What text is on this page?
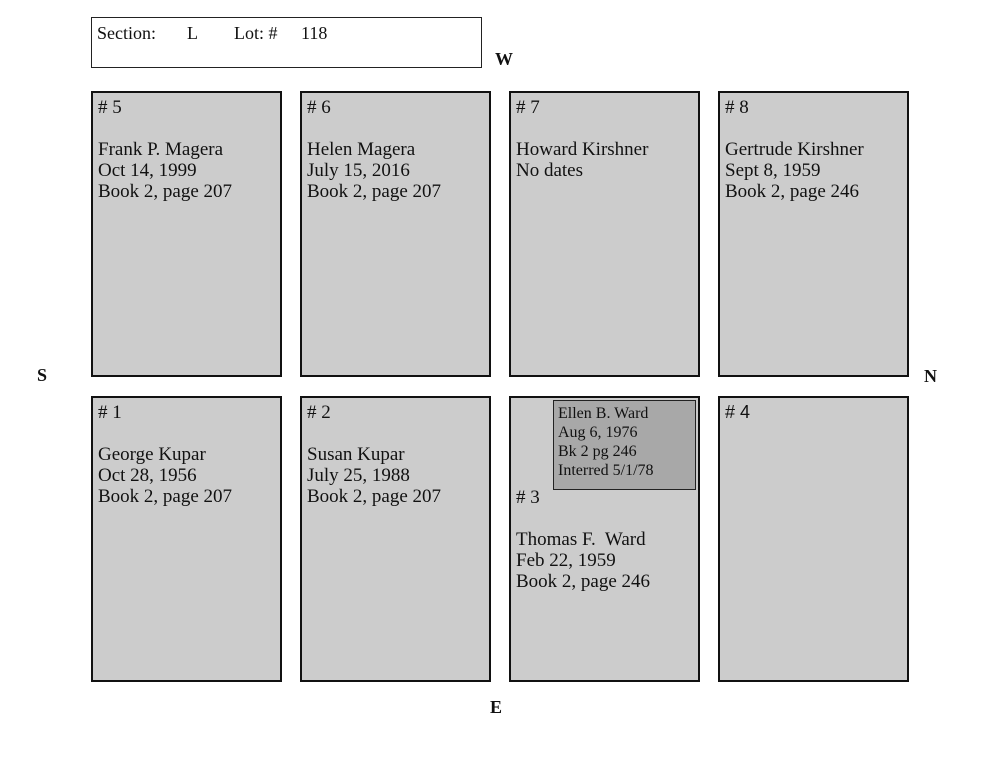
Section: L Lot: # 118
W
E
S	N
# 5
Frank P. Magera
Oct 14, 1999
Book 2, page 207
# 6
Helen Magera
July 15, 2016
Book 2, page 207
# 7
Howard Kirshner
No dates
# 8
Gertrude Kirshner
Sept 8, 1959
Book 2, page 246
# 1
George Kupar
Oct 28, 1956
Book 2, page 207
# 2
Susan Kupar
July 25, 1988
Book 2, page 207
Ellen B. Ward
Aug 6, 1976
Bk 2 pg 246
Interred 5/1/78
# 3
Thomas F.  Ward
Feb 22, 1959
Book 2, page 246
# 4
